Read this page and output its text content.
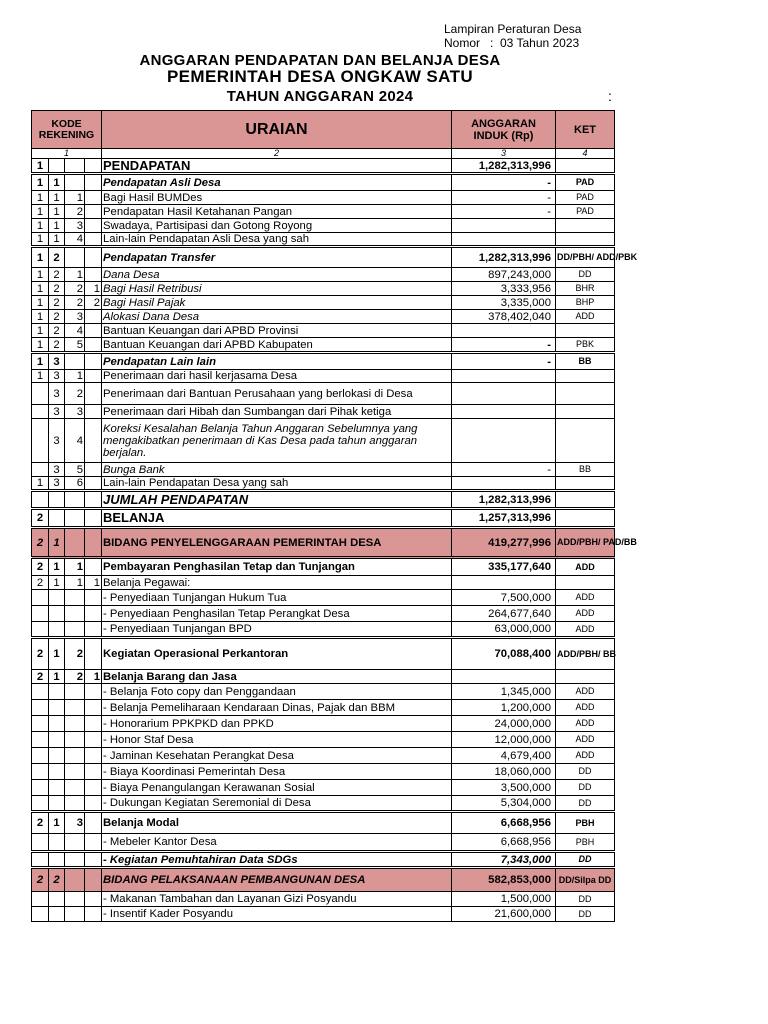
Lampiran Peraturan Desa
Nomor   :  03 Tahun 2023
ANGGARAN PENDAPATAN DAN BELANJA DESA
PEMERINTAH DESA ONGKAW SATU
TAHUN ANGGARAN 2024	:
KODE REKENING				URAIAN	ANGGARAN INDUK (Rp)	KET
1				2	3	4
1				PENDAPATAN	1,282,313,996	
1	1			Pendapatan Asli Desa	-	PAD
1	1	1		Bagi Hasil BUMDes	-	PAD
1	1	2		Pendapatan Hasil Ketahanan Pangan	-	PAD
1	1	3		Swadaya, Partisipasi dan Gotong Royong		
1	1	4		Lain-lain Pendapatan Asli Desa yang sah		
1	2			Pendapatan Transfer	1,282,313,996	DD/PBH/ ADD/PBK
1	2	1		Dana Desa	897,243,000	DD
1	2	2	1	Bagi Hasil Retribusi	3,333,956	BHR
1	2	2	2	Bagi Hasil Pajak	3,335,000	BHP
1	2	3		Alokasi Dana Desa	378,402,040	ADD
1	2	4		Bantuan Keuangan dari APBD Provinsi		
1	2	5		Bantuan Keuangan dari APBD Kabupaten	-	PBK
1	3			Pendapatan Lain lain	-	BB
1	3	1		Penerimaan dari hasil kerjasama Desa		
	3	2		Penerimaan dari Bantuan Perusahaan yang berlokasi di Desa		
	3	3		Penerimaan dari Hibah dan Sumbangan dari Pihak ketiga		
	3	4		Koreksi Kesalahan Belanja Tahun Anggaran Sebelumnya yang mengakibatkan penerimaan di Kas Desa pada tahun anggaran berjalan.		
	3	5		Bunga Bank	-	BB
1	3	6		Lain-lain Pendapatan Desa yang sah		
				JUMLAH PENDAPATAN	1,282,313,996	
2				BELANJA	1,257,313,996	
2	1			BIDANG PENYELENGGARAAN PEMERINTAH DESA	419,277,996	ADD/PBH/ PAD/BB
2	1	1		Pembayaran Penghasilan Tetap dan Tunjangan	335,177,640	ADD
2	1	1	1	Belanja Pegawai:		
				- Penyediaan Tunjangan Hukum Tua	7,500,000	ADD
				- Penyediaan Penghasilan Tetap Perangkat Desa	264,677,640	ADD
				- Penyediaan Tunjangan BPD	63,000,000	ADD
2	1	2		Kegiatan Operasional Perkantoran	70,088,400	ADD/PBH/ BB
2	1	2	1	Belanja Barang dan Jasa		
				- Belanja Foto copy dan Penggandaan	1,345,000	ADD
				- Belanja Pemeliharaan Kendaraan Dinas, Pajak dan BBM	1,200,000	ADD
				- Honorarium PPKPKD dan PPKD	24,000,000	ADD
				- Honor Staf Desa	12,000,000	ADD
				- Jaminan Kesehatan Perangkat Desa	4,679,400	ADD
				- Biaya Koordinasi Pemerintah Desa	18,060,000	DD
				- Biaya Penangulangan Kerawanan Sosial	3,500,000	DD
				- Dukungan Kegiatan Seremonial di Desa	5,304,000	DD
2	1	3		Belanja Modal	6,668,956	PBH
				- Mebeler Kantor Desa	6,668,956	PBH
				- Kegiatan Pemuhtahiran Data SDGs	7,343,000	DD
2	2			BIDANG PELAKSANAAN PEMBANGUNAN DESA	582,853,000	DD/Silpa DD
				- Makanan Tambahan dan Layanan Gizi Posyandu	1,500,000	DD
				- Insentif Kader Posyandu	21,600,000	DD
